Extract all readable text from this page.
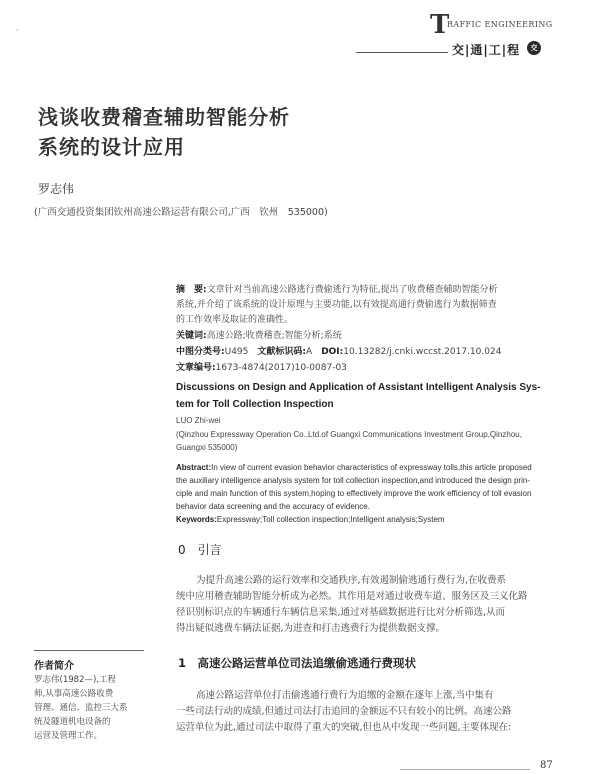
·	T
RAFFIC ENGINEERING
交|通|工|程	交
浅谈收费稽查辅助智能分析
系统的设计应用
罗志伟
(广西交通投资集团钦州高速公路运营有限公司,广西　钦州　535000)
摘　要:文章针对当前高速公路逃行费偷逃行为特征,提出了收费稽查辅助智能分析
系统,并介绍了该系统的设计原理与主要功能,以有效提高通行费偷逃行为数据筛查
的工作效率及取证的准确性。
关键词:高速公路;收费稽查;智能分析;系统
中图分类号:U495　 文献标识码:A　 DOI:10.13282/j.cnki.wccst.2017.10.024
文章编号:1673-4874(2017)10-0087-03
Discussions on Design and Application of Assistant Intelligent Analysis Sys-
tem for Toll Collection Inspection
LUO Zhi-wei
(Qinzhou Expressway Operation Co.,Ltd.of Guangxi Communications Investment Group,Qinzhou,
Guangxi 535000)
Abstract:In view of current evasion behavior characteristics of expressway tolls,this article proposed
the auxiliary intelligence analysis system for toll collection inspection,and introduced the design prin-
ciple and main function of this system,hoping to effectively improve the work efficiency of toll evasion
behavior data screening and the accuracy of evidence.
Keywords:Expressway;Toll collection inspection;Intelligent analysis;System
0　引言
为提升高速公路的运行效率和交通秩序,有效遏制偷逃通行费行为,在收费系
统中应用稽查辅助智能分析成为必然。其作用是对通过收费车道、服务区及三义化路
径识别标识点的车辆通行车辆信息采集,通过对基础数据进行比对分析筛选,从而
得出疑似逃费车辆法证据,为进查和打击逃费行为提供数据支撑。
作者简介
罗志伟(1982—),工程
师,从事高速公路收费
管理、通信、监控三大系
统及隧道机电设备的
运营及管理工作。
1　高速公路运营单位司法追缴偷逃通行费现状
高速公路运营单位打击偷逃通行费行为追缴的金额在逐年上涨,当中集有
一些司法行动的成绩,但通过司法打击追回的金额远不只有较小的比例。高速公路
运营单位为此,通过司法中取得了重大的突破,但也从中发现一些问题,主要体现在:
87
